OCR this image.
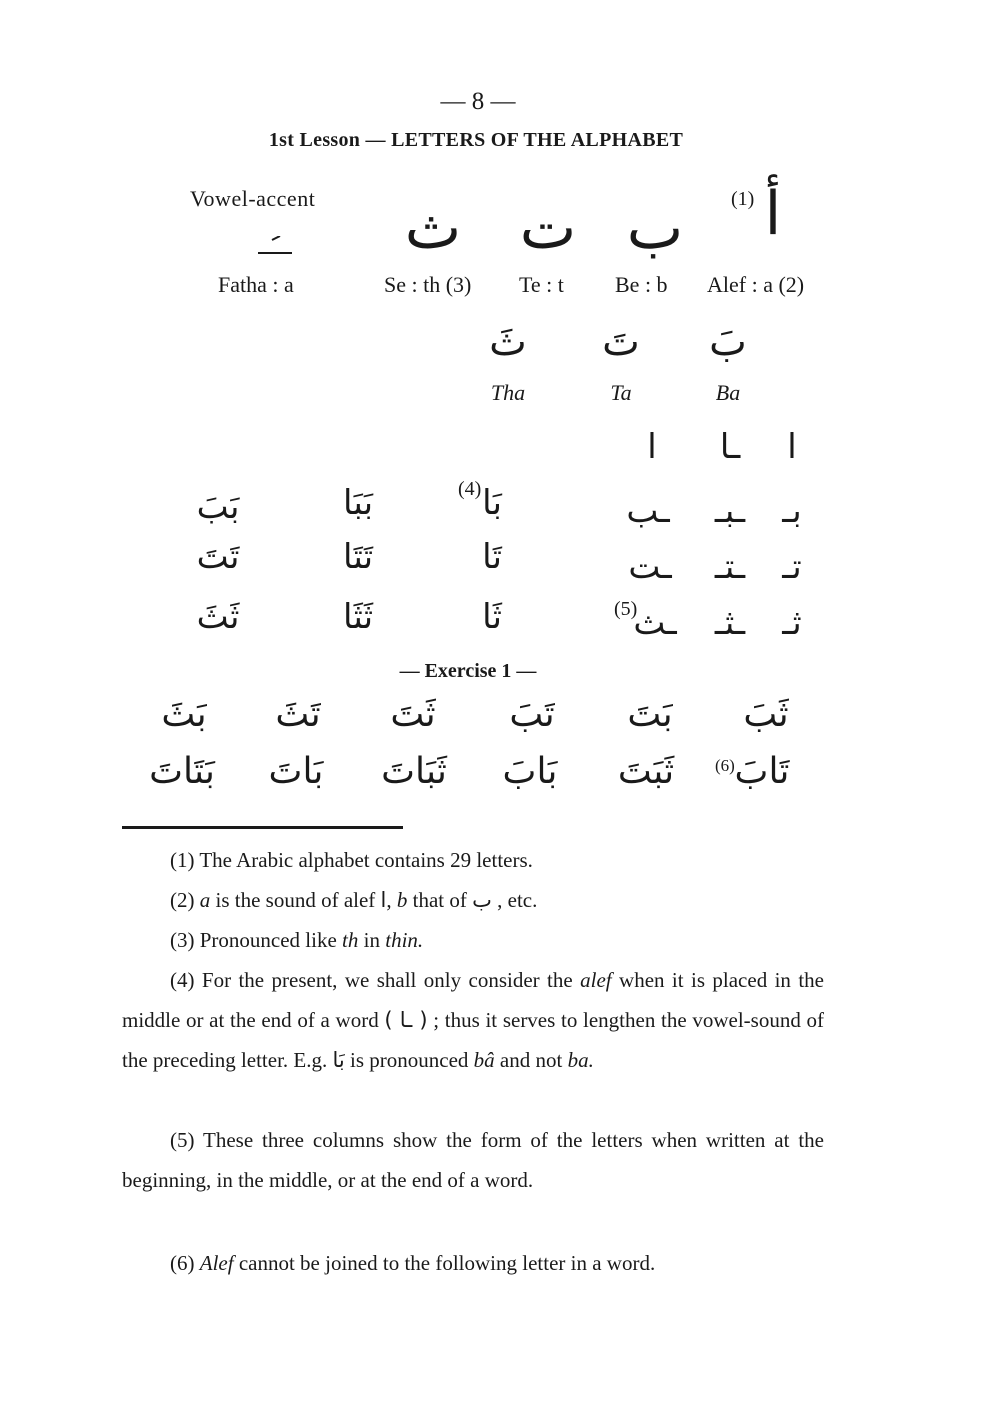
— 8 —
1st Lesson — LETTERS OF THE ALPHABET
Vowel-accent ث ت ب أ
(1)
Fatha : a	Se : th (3) Te : t Be : b Alef : a (2)
ثَ تَ بَ
Tha	Ta	Ba
ا ـا ا
(4)
(5)
بَبَ	بَبَا	بَا	ـب ـبـ بـ
تَتَ	تَتَا	تَا	ـت ـتـ تـ
ثَثَ	ثَثَا	ثَا	ـث ـثـ ثـ
— Exercise 1 —
بَثَ تَثَ ثَتَ تَبَ بَتَ ثَبَ
بَتَاتَ بَاتَ ثَبَاتَ بَابَ ثَبَتَ تَابَ
(6)

(1) The Arabic alphabet contains 29 letters.

(2) a is the sound of alef ا, b that of ب , etc.

(3) Pronounced like th in thin.

(4) For the present, we shall only consider the alef when it is placed in the middle or at the end of a word ( ـا ) ; thus it serves to lengthen the vowel-sound of the preceding letter. E.g. بَا is pronounced bâ and not ba.

(5) These three columns show the form of the letters when written at the beginning, in the middle, or at the end of a word.

(6) Alef cannot be joined to the following letter in a word.
